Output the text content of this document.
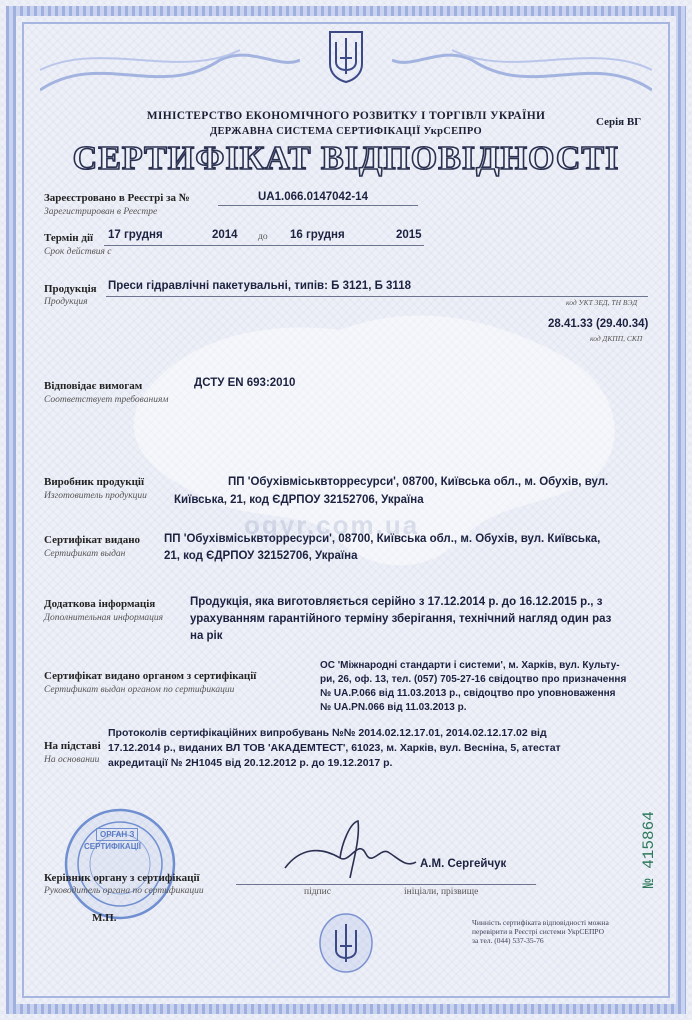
МІНІСТЕРСТВО ЕКОНОМІЧНОГО РОЗВИТКУ І ТОРГІВЛІ УКРАЇНИ
ДЕРЖАВНА СИСТЕМА СЕРТИФІКАЦІЇ УкрСЕПРО
Серія ВГ
СЕРТИФІКАТ ВІДПОВІДНОСТІ
Зареєстровано в Реєстрі за №
Зарегистрирован в Реестре
UA1.066.0147042-14
Термін дії
Срок действия с
17 грудня	2014 до 16 грудня	2015
Продукція
Продукция
Преси гідравлічні пакетувальні, типів: Б 3121, Б 3118
код УКТ ЗЕД, ТН ВЭД
28.41.33 (29.40.34)
код ДКПП, СКП
Відповідає вимогам
Соответствует требованиям
ДСТУ EN 693:2010
Виробник продукції
Изготовитель продукции
ПП 'Обухівміськвторресурси', 08700, Київська обл., м. Обухів, вул.
Київська, 21, код ЄДРПОУ 32152706, Україна
ogyr.com.ua
Сертифікат видано
Сертификат выдан
ПП 'Обухівміськвторресурси', 08700, Київська обл., м. Обухів, вул. Київська,
21, код ЄДРПОУ 32152706, Україна
Додаткова інформація
Дополнительная информация
Продукція, яка виготовляється серійно з 17.12.2014 р. до 16.12.2015 р., з
урахуванням гарантійного терміну зберігання, технічний нагляд один раз
на рік
Сертифікат видано органом з сертифікації
Сертификат выдан органом по сертификации
ОС 'Міжнародні стандарти і системи', м. Харків, вул. Культу-
ри, 26, оф. 13, тел. (057) 705-27-16 свідоцтво про призначення
№ UA.P.066 від 11.03.2013 р., свідоцтво про уповноваження
№ UA.PN.066 від 11.03.2013 р.
На підставі
На основании
Протоколів сертифікаційних випробувань №№ 2014.02.12.17.01, 2014.02.12.17.02 від
17.12.2014 р., виданих ВЛ ТОВ 'АКАДЕМТЕСТ', 61023, м. Харків, вул. Весніна, 5, атестат
акредитації № 2Н1045 від 20.12.2012 р. до 19.12.2017 р.
ОРГАН З
СЕРТИФІКАЦІЇ
Керівник органу з сертифікації
Руководитель органа по сертификации
А.М. Сергейчук
підпис	ініціали, прізвище
М.П.	Чинність сертифіката відповідності можна
перевірити в Реєстрі системи УкрСЕПРО
за тел. (044) 537-35-76
№ 415864
